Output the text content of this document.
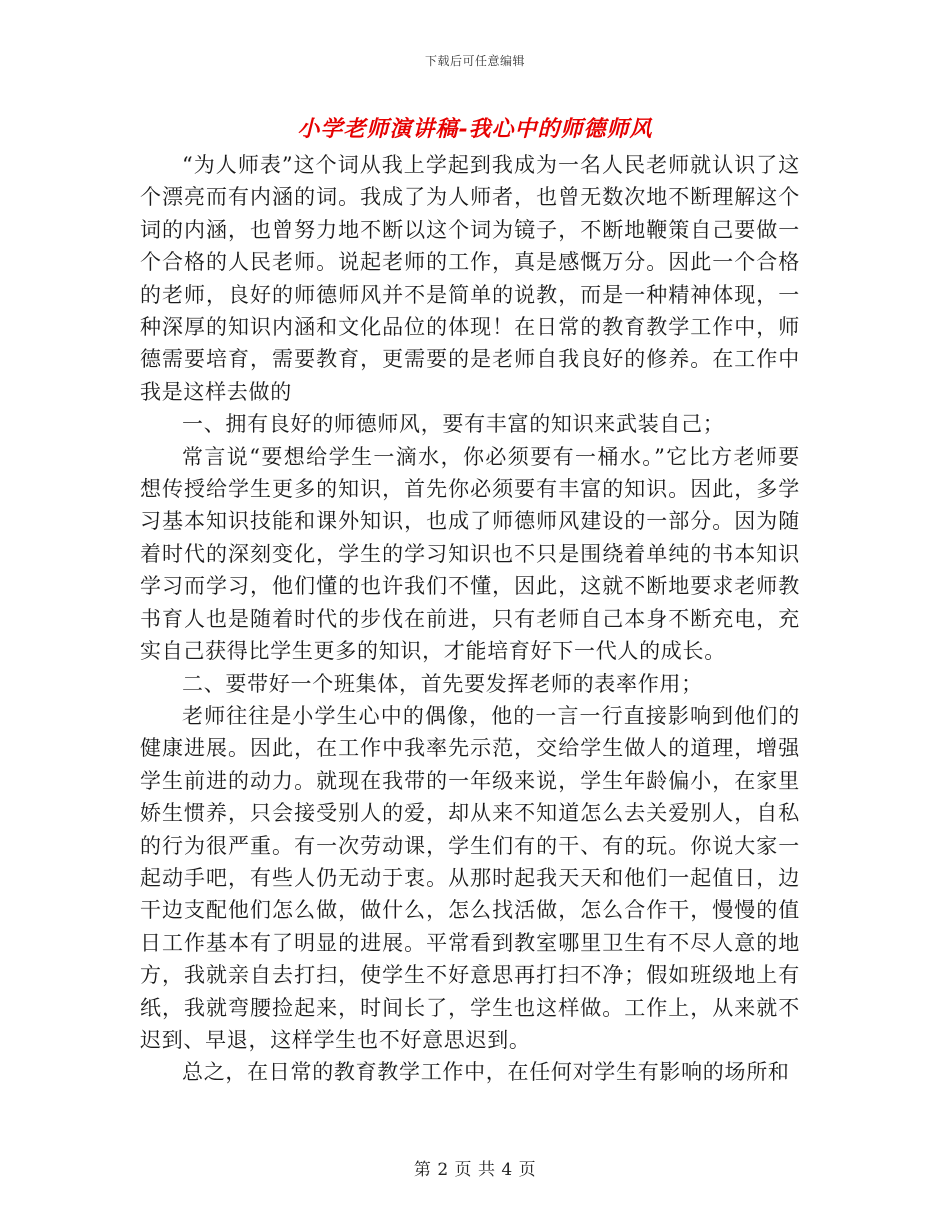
下载后可任意编辑
小学老师演讲稿-我心中的师德师风

“为人师表”这个词从我上学起到我成为一名人民老师就认识了这个漂亮而有内涵的词。我成了为人师者，也曾无数次地不断理解这个词的内涵，也曾努力地不断以这个词为镜子，不断地鞭策自己要做一个合格的人民老师。说起老师的工作，真是感慨万分。因此一个合格的老师，良好的师德师风并不是简单的说教，而是一种精神体现，一种深厚的知识内涵和文化品位的体现！在日常的教育教学工作中，师德需要培育，需要教育，更需要的是老师自我良好的修养。在工作中我是这样去做的

一、拥有良好的师德师风，要有丰富的知识来武装自己；

常言说“要想给学生一滴水，你必须要有一桶水。”它比方老师要想传授给学生更多的知识，首先你必须要有丰富的知识。因此，多学习基本知识技能和课外知识，也成了师德师风建设的一部分。因为随着时代的深刻变化，学生的学习知识也不只是围绕着单纯的书本知识学习而学习，他们懂的也许我们不懂，因此，这就不断地要求老师教书育人也是随着时代的步伐在前进，只有老师自己本身不断充电，充实自己获得比学生更多的知识，才能培育好下一代人的成长。

二、要带好一个班集体，首先要发挥老师的表率作用；

老师往往是小学生心中的偶像，他的一言一行直接影响到他们的健康进展。因此，在工作中我率先示范，交给学生做人的道理，增强学生前进的动力。就现在我带的一年级来说，学生年龄偏小，在家里娇生惯养，只会接受别人的爱，却从来不知道怎么去关爱别人，自私的行为很严重。有一次劳动课，学生们有的干、有的玩。你说大家一起动手吧，有些人仍无动于衷。从那时起我天天和他们一起值日，边干边支配他们怎么做，做什么，怎么找活做，怎么合作干，慢慢的值日工作基本有了明显的进展。平常看到教室哪里卫生有不尽人意的地方，我就亲自去打扫，使学生不好意思再打扫不净；假如班级地上有纸，我就弯腰捡起来，时间长了，学生也这样做。工作上，从来就不迟到、早退，这样学生也不好意思迟到。

总之，在日常的教育教学工作中，在任何对学生有影响的场所和

第 2 页 共 4 页
